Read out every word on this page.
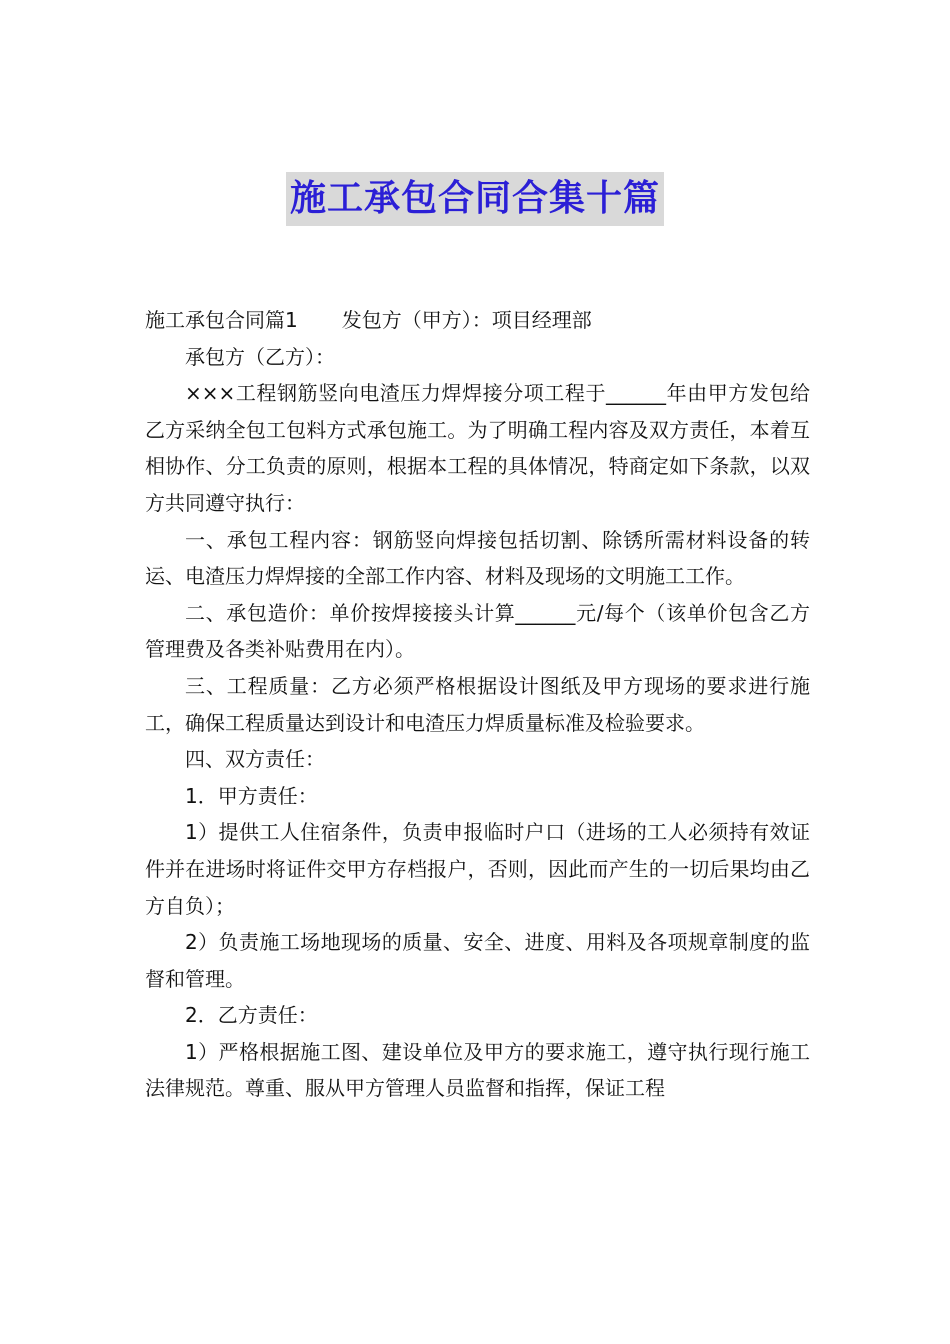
施工承包合同合集十篇

施工承包合同篇1 发包方（甲方）：项目经理部

承包方（乙方）：

×××工程钢筋竖向电渣压力焊焊接分项工程于______年由甲方发包给乙方采纳全包工包料方式承包施工。为了明确工程内容及双方责任，本着互相协作、分工负责的原则，根据本工程的具体情况，特商定如下条款，以双方共同遵守执行：

一、承包工程内容：钢筋竖向焊接包括切割、除锈所需材料设备的转运、电渣压力焊焊接的全部工作内容、材料及现场的文明施工工作。

二、承包造价：单价按焊接接头计算______元/每个（该单价包含乙方管理费及各类补贴费用在内）。

三、工程质量：乙方必须严格根据设计图纸及甲方现场的要求进行施工，确保工程质量达到设计和电渣压力焊质量标准及检验要求。

四、双方责任：

1．甲方责任：

1）提供工人住宿条件，负责申报临时户口（进场的工人必须持有效证件并在进场时将证件交甲方存档报户，否则，因此而产生的一切后果均由乙方自负）；

2）负责施工场地现场的质量、安全、进度、用料及各项规章制度的监督和管理。

2．乙方责任：

1）严格根据施工图、建设单位及甲方的要求施工，遵守执行现行施工法律规范。尊重、服从甲方管理人员监督和指挥，保证工程
